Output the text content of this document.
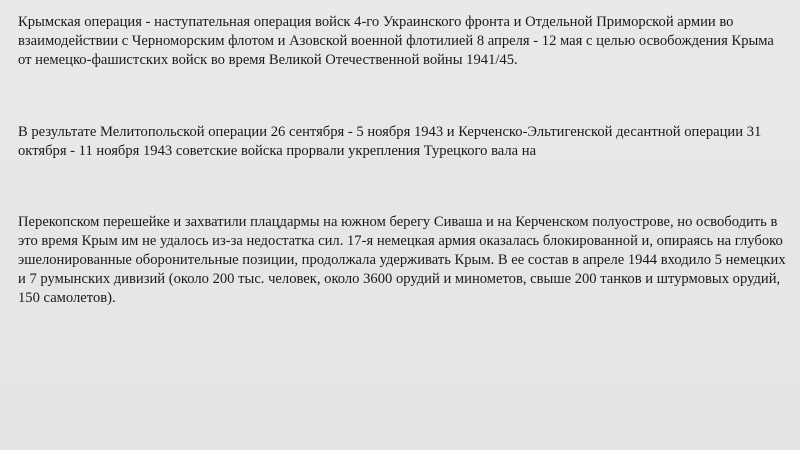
Крымская операция - наступательная операция войск 4-го Украинского фронта и Отдельной Приморской армии во взаимодействии с Черноморским флотом и Азовской военной флотилией 8 апреля - 12 мая с целью освобождения Крыма от немецко-фашистских войск во время Великой Отечественной войны 1941/45.

В результате Мелитопольской операции 26 сентября - 5 ноября 1943 и Керченско-Эльтигенской десантной операции 31 октября - 11 ноября 1943 советские войска прорвали укрепления Турецкого вала на

Перекопском перешейке и захватили плацдармы на южном берегу Сиваша и на Керченском полуострове, но освободить в это время Крым им не удалось из-за недостатка сил. 17-я немецкая армия оказалась блокированной и, опираясь на глубоко эшелонированные оборонительные позиции, продолжала удерживать Крым. В ее состав в апреле 1944 входило 5 немецких и 7 румынских дивизий (около 200 тыс. человек, около 3600 орудий и минометов, свыше 200 танков и штурмовых орудий, 150 самолетов).
